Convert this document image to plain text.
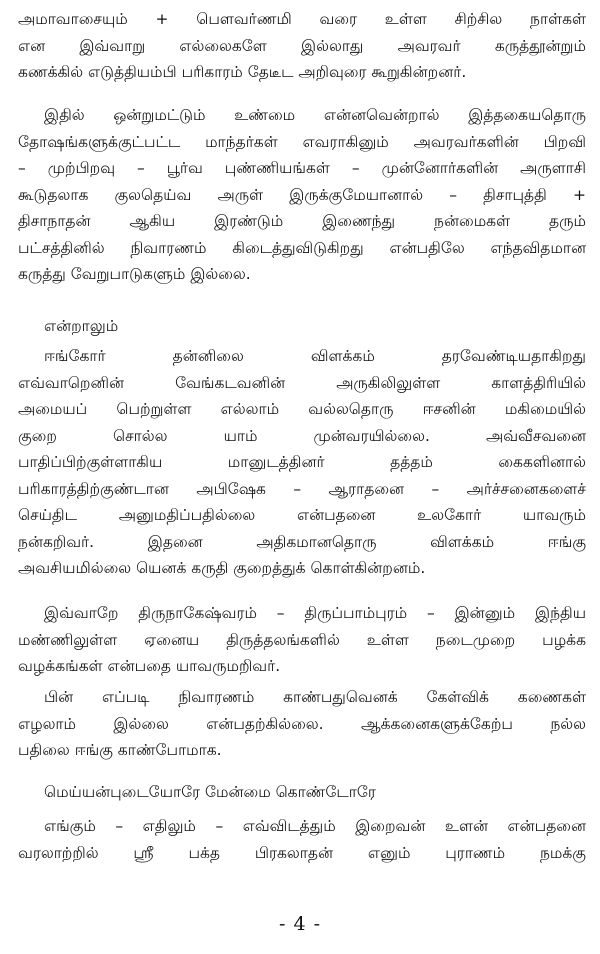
அமாவாசையும் + பௌவர்ணமி வரை உள்ள சிற்சில நாள்கள்
என இவ்வாறு எல்லைகளே இல்லாது அவரவர் கருத்தூன்றும்
கணக்கில் எடுத்தியம்பி பரிகாரம் தேடீட அறிவுரை கூறுகின்றனர்.
இதில் ஒன்றுமட்டும் உண்மை என்னவென்றால் இத்தகையதொரு
தோஷங்களுக்குட்பட்ட மாந்தர்கள் எவராகினும் அவரவர்களின் பிறவி
– முற்பிறவு – பூர்வ புண்ணியங்கள் – முன்னோர்களின் அருளாசி
கூடுதலாக குலதெய்வ அருள் இருக்குமேயானால் – திசாபுத்தி +
திசாநாதன் ஆகிய இரண்டும் இணைந்து நன்மைகள் தரும்
பட்சத்தினில் நிவாரணம் கிடைத்துவிடுகிறது என்பதிலே எந்தவிதமான
கருத்து வேறுபாடுகளும் இல்லை.
என்றாலும்
ஈங்கோர் தன்னிலை விளக்கம் தரவேண்டியதாகிறது
எவ்வாறெனின் வேங்கடவனின் அருகிலிலுள்ள காளத்திரியில்
அமையப் பெற்றுள்ள எல்லாம் வல்லதொரு ஈசனின் மகிமையில்
குறை சொல்ல யாம் முன்வரயில்லை. அவ்வீசவனை
பாதிப்பிற்குள்ளாகிய மானுடத்தினர் தத்தம் கைகளினால்
பரிகாரத்திற்குண்டான அபிஷேக – ஆராதனை – அர்ச்சனைகளைச்
செய்திட அனுமதிப்பதில்லை என்பதனை உலகோர் யாவரும்
நன்கறிவர். இதனை அதிகமானதொரு விளக்கம் ஈங்கு
அவசியமில்லை யெனக் கருதி குறைத்துக் கொள்கின்றனம்.
இவ்வாறே திருநாகேஷ்வரம் – திருப்பாம்புரம் – இன்னும் இந்திய
மண்ணிலுள்ள ஏனைய திருத்தலங்களில் உள்ள நடைமுறை பழக்க
வழக்கங்கள் என்பதை யாவருமறிவர்.
பின் எப்படி நிவாரணம் காண்பதுவெனக் கேள்விக் கணைகள்
எழலாம் இல்லை என்பதற்கில்லை. ஆக்கனைகளுக்கேற்ப நல்ல
பதிலை ஈங்கு காண்போமாக.
மெய்யன்புடையோரே மேன்மை கொண்டோரே
எங்கும் – எதிலும் – எவ்விடத்தும் இறைவன் உளன் என்பதனை
வரலாற்றில் ஸ்ரீ பக்த பிரகலாதன் எனும் புராணம் நமக்கு
- 4 -
